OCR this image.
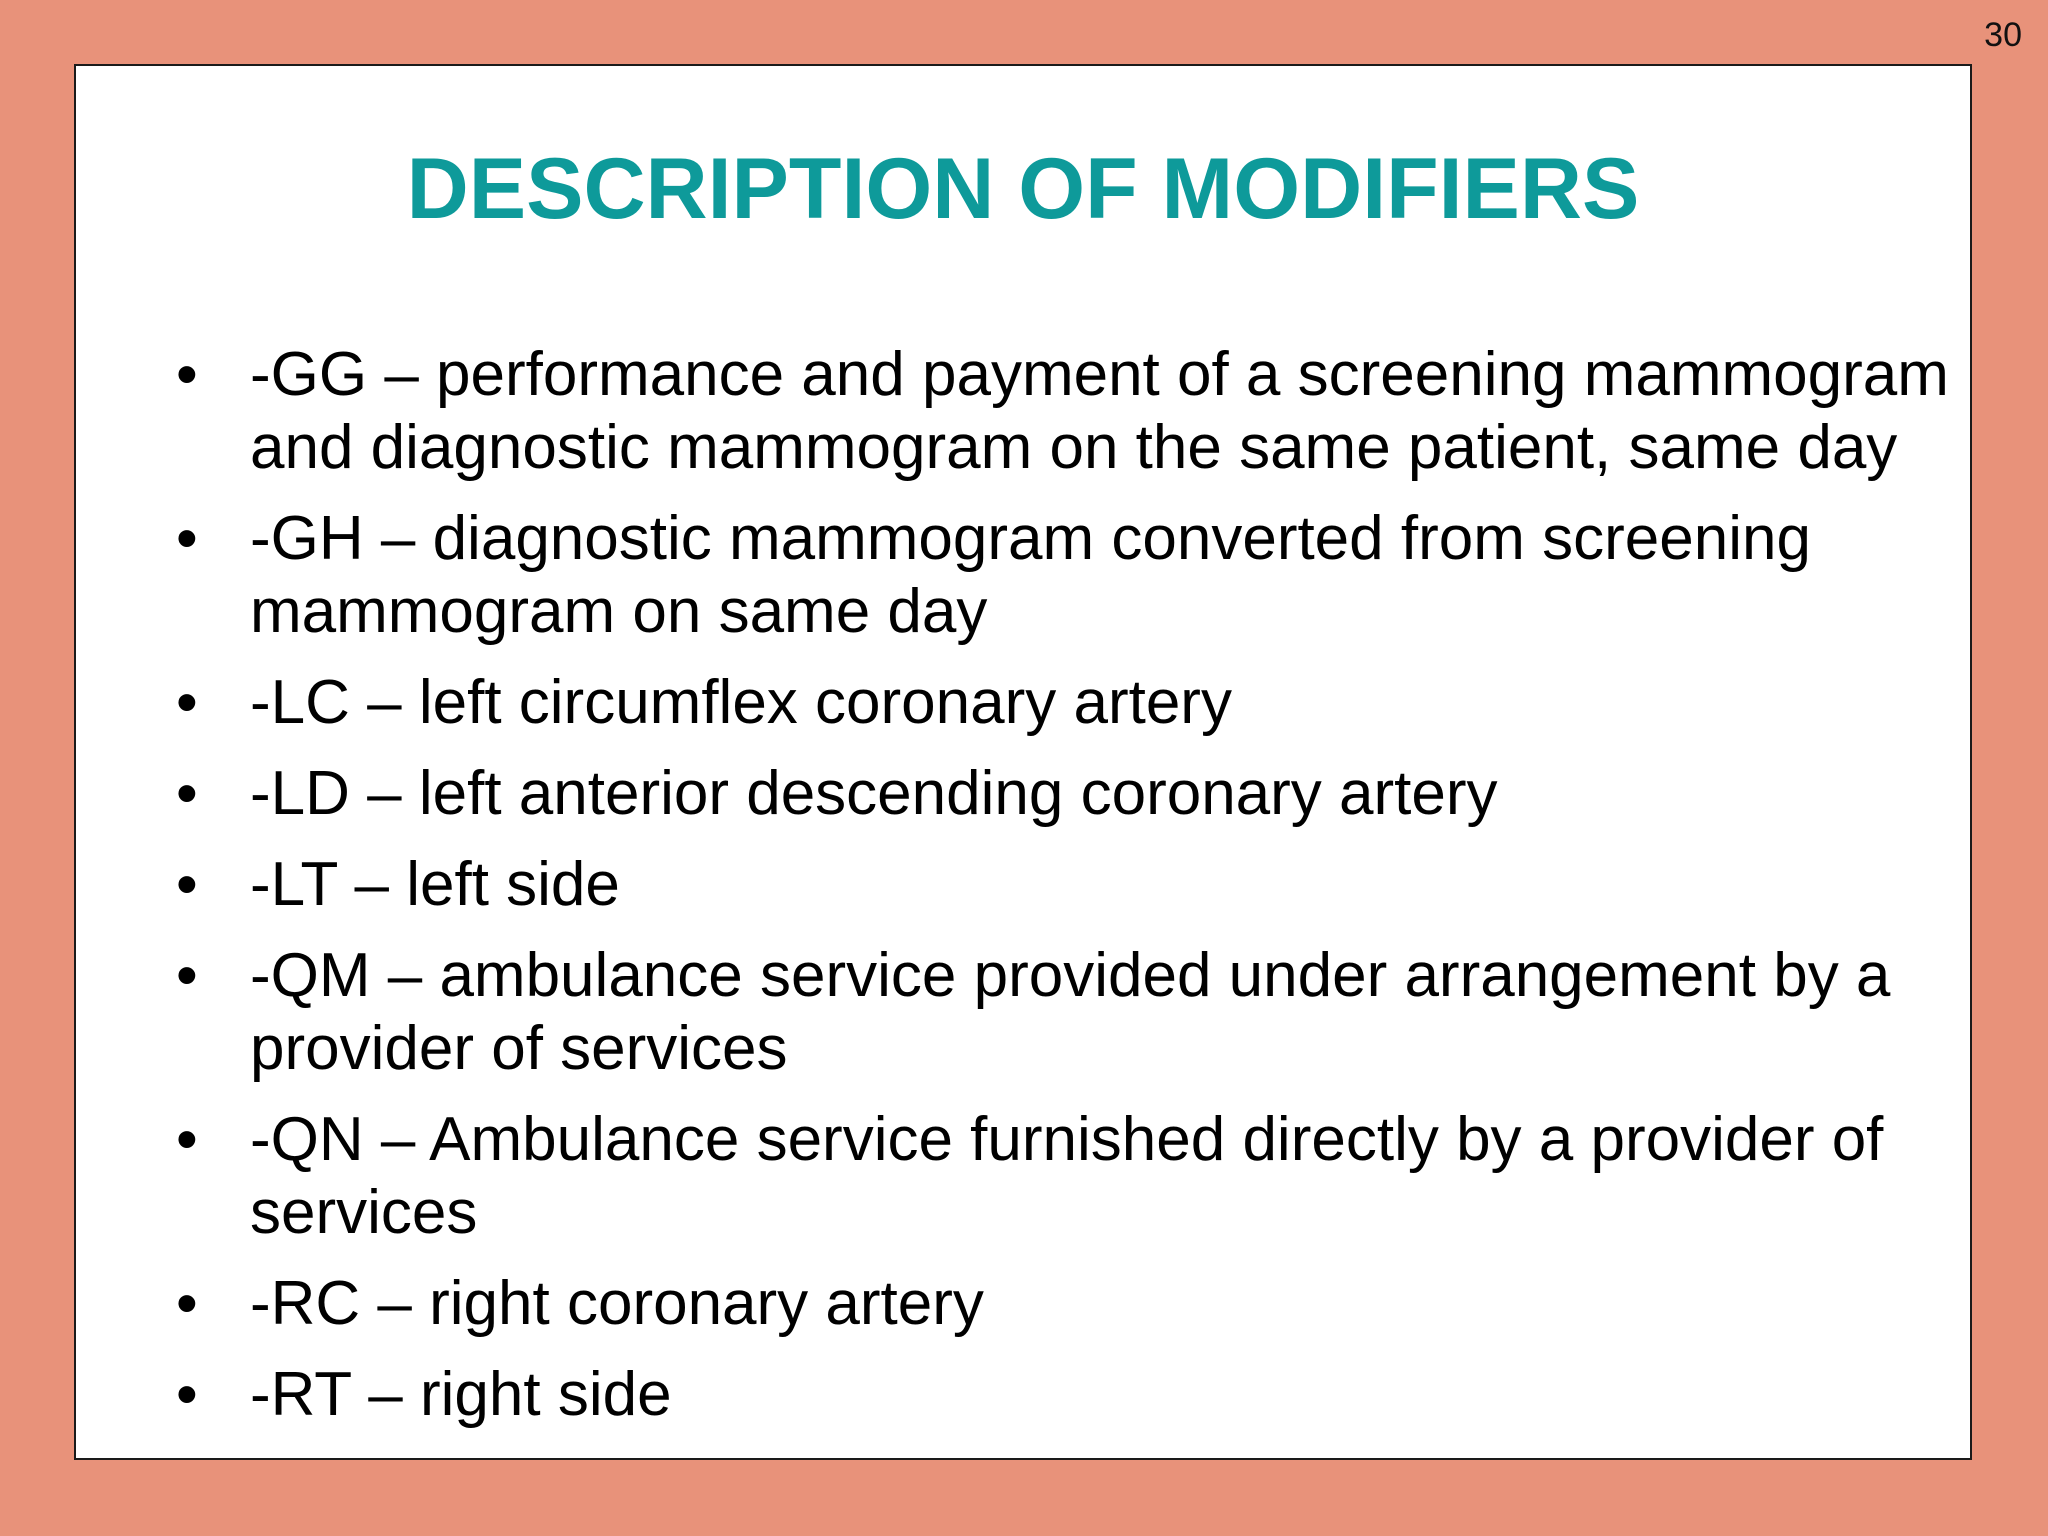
30
DESCRIPTION OF MODIFIERS
• -GG – performance and payment of a screening mammogram and diagnostic mammogram on the same patient, same day
• -GH – diagnostic mammogram converted from screening mammogram on same day
• -LC – left circumflex coronary artery
• -LD – left anterior descending coronary artery
• -LT – left side
• -QM – ambulance service provided under arrangement by a provider of services
• -QN – Ambulance service furnished directly by a provider of services
• -RC – right coronary artery
• -RT – right side
